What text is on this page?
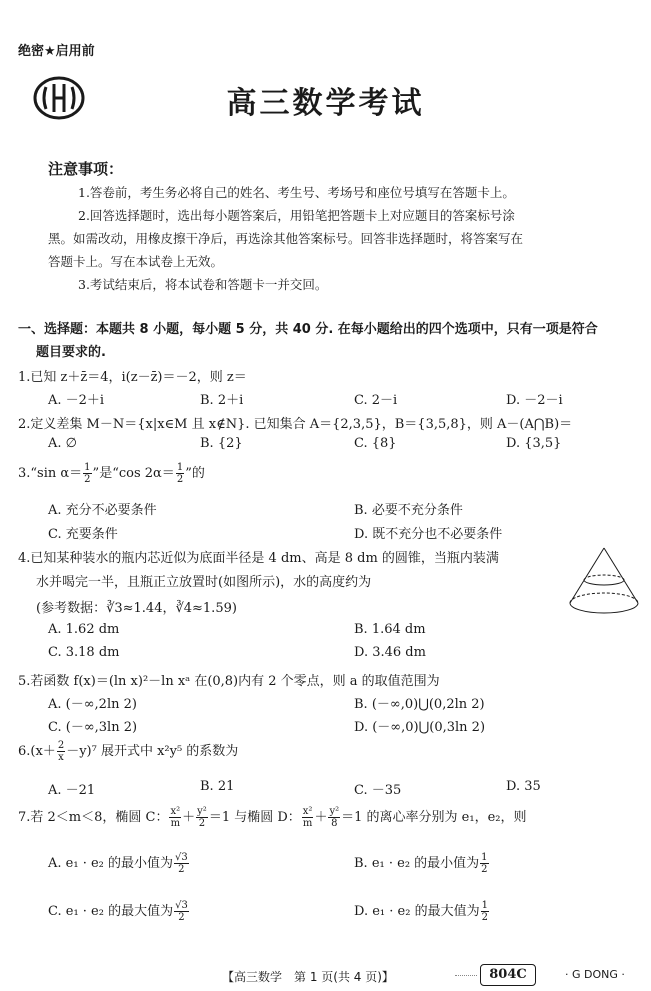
绝密★启用前
高三数学考试
注意事项：
1.答卷前，考生务必将自己的姓名、考生号、考场号和座位号填写在答题卡上。
2.回答选择题时，选出每小题答案后，用铅笔把答题卡上对应题目的答案标号涂
黑。如需改动，用橡皮擦干净后，再选涂其他答案标号。回答非选择题时，将答案写在
答题卡上。写在本试卷上无效。
3.考试结束后，将本试卷和答题卡一并交回。
一、选择题：本题共 8 小题，每小题 5 分，共 40 分. 在每小题给出的四个选项中，只有一项是符合
题目要求的.
1.已知 z＋z̄＝4，i(z－z̄)＝－2，则 z＝
A. －2＋i	B. 2＋i	C. 2－i	D. －2－i
2.定义差集 M－N＝{x|x∈M 且 x∉N}. 已知集合 A＝{2,3,5}，B＝{3,5,8}，则 A－(A⋂B)＝
A. ∅	B. {2}	C. {8}	D. {3,5}
3.“sin $\alpha= \frac{1}{2}$ ”是“cos $2\alpha= \frac{1}{2}$ ”的
A. 充分不必要条件	B. 必要不充分条件
C. 充要条件	D. 既不充分也不必要条件
4.已知某种装水的瓶内芯近似为底面半径是 4 dm、高是 8 dm 的圆锥，当瓶内装满
水并喝完一半，且瓶正立放置时(如图所示)，水的高度约为
(参考数据：∛3≈1.44，∛4≈1.59)
A. 1.62 dm	B. 1.64 dm
C. 3.18 dm	D. 3.46 dm
5.若函数 f(x)＝(ln x)²－ln xᵃ 在(0,8)内有 2 个零点，则 a 的取值范围为
A. (－∞,2ln 2)	B. (－∞,0)⋃(0,2ln 2)
C. (－∞,3ln 2)	D. (－∞,0)⋃(0,3ln 2)
$6.(x+ \frac{2}{x} -y)^7$ 展开式中 x²y⁵ 的系数为
A. －21	B. 21	C. －35	D. 35
7.若 2＜m＜8，椭圆 C： $\frac{\text{x²}}{m} + \frac{\text{y²}}{2} =1$ 与椭圆 D： $\frac{\text{x²}}{m} + \frac{\text{y²}}{8} =1$ 的离心率分别为 e₁，e₂，则
A. e₁ · e₂ 的最小值为 $\frac{√3}{2}$	B. e₁ · e₂ 的最小值为 $\frac{1}{2}$
C. e₁ · e₂ 的最大值为 $\frac{√3}{2}$	D. e₁ · e₂ 的最大值为 $\frac{1}{2}$
【高三数学　第 1 页(共 4 页)】	804C	· G DONG ·
